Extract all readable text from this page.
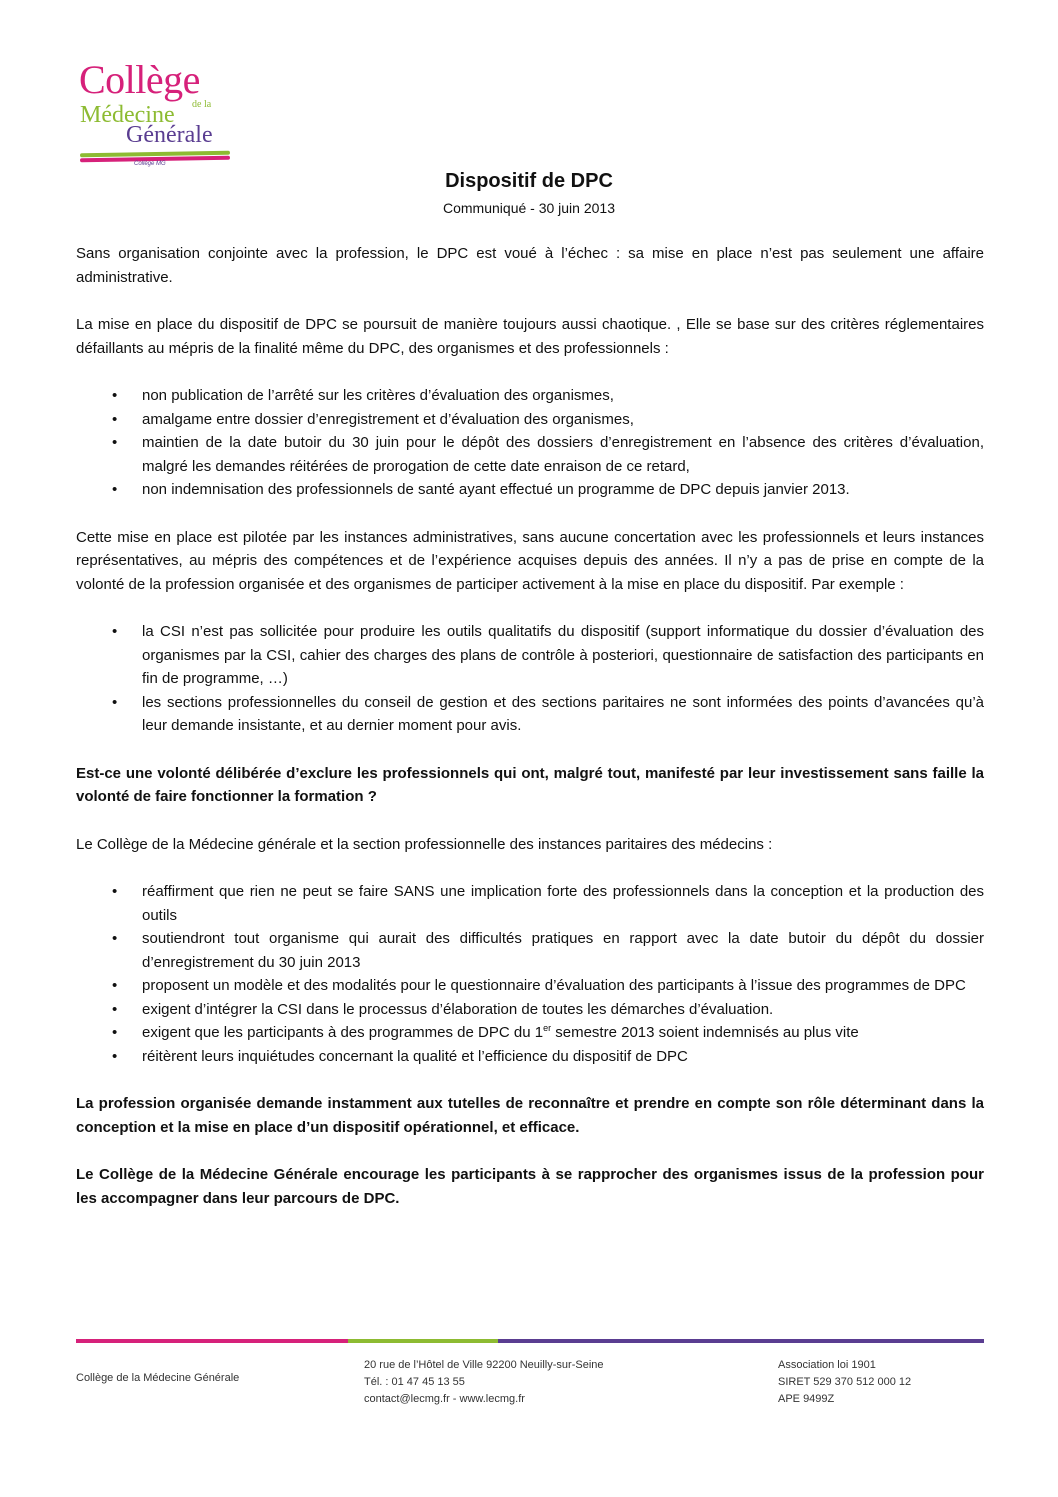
Collège
de la
Médecine
Générale
Collège MG
Dispositif de DPC
Communiqué - 30 juin 2013

Sans organisation conjointe avec la profession, le DPC est voué à l’échec : sa mise en place n’est pas seulement une affaire administrative.

La mise en place du dispositif de DPC se poursuit de manière toujours aussi chaotique. , Elle se base sur des critères réglementaires défaillants au mépris de la finalité même du DPC, des organismes et des professionnels :

• non publication de l’arrêté sur les critères d’évaluation des organismes,
• amalgame entre dossier d’enregistrement et d’évaluation des organismes,
• maintien de la date butoir du 30 juin pour le dépôt des dossiers d’enregistrement en l’absence des critères d’évaluation, malgré les demandes réitérées de prorogation de cette date enraison de ce retard,
• non indemnisation des professionnels de santé ayant effectué un programme de DPC depuis janvier 2013.

Cette mise en place est pilotée par les instances administratives, sans aucune concertation avec les professionnels et leurs instances représentatives, au mépris des compétences et de l’expérience acquises depuis des années. Il n’y a pas de prise en compte de la volonté de la profession organisée et des organismes de participer activement à la mise en place du dispositif. Par exemple :

• la CSI n’est pas sollicitée pour produire les outils qualitatifs du dispositif (support informatique du dossier d’évaluation des organismes par la CSI, cahier des charges des plans de contrôle à posteriori, questionnaire de satisfaction des participants en fin de programme, …)
• les sections professionnelles du conseil de gestion et des sections paritaires ne sont informées des points d’avancées qu’à leur demande insistante, et au dernier moment pour avis.

Est-ce une volonté délibérée d’exclure les professionnels qui ont, malgré tout, manifesté par leur investissement sans faille la volonté de faire fonctionner la formation ?

Le Collège de la Médecine générale et la section professionnelle des instances paritaires des médecins :

• réaffirment que rien ne peut se faire SANS une implication forte des professionnels dans la conception et la production des outils
• soutiendront tout organisme qui aurait des difficultés pratiques en rapport avec la date butoir du dépôt du dossier d’enregistrement du 30 juin 2013
• proposent un modèle et des modalités pour le questionnaire d’évaluation des participants à l’issue des programmes de DPC
• exigent d’intégrer la CSI dans le processus d’élaboration de toutes les démarches d’évaluation.
• exigent que les participants à des programmes de DPC du 1er semestre 2013 soient indemnisés au plus vite
• réitèrent leurs inquiétudes concernant la qualité et l’efficience du dispositif de DPC

La profession organisée demande instamment aux tutelles de reconnaître et prendre en compte son rôle déterminant dans la conception et la mise en place d’un dispositif opérationnel, et efficace.

Le Collège de la Médecine Générale encourage les participants à se rapprocher des organismes issus de la profession pour les accompagner dans leur parcours de DPC.

Collège de la Médecine Générale
20 rue de l’Hôtel de Ville 92200 Neuilly-sur-Seine
Tél. : 01 47 45 13 55
contact@lecmg.fr - www.lecmg.fr
Association loi 1901
SIRET 529 370 512 000 12
APE 9499Z
